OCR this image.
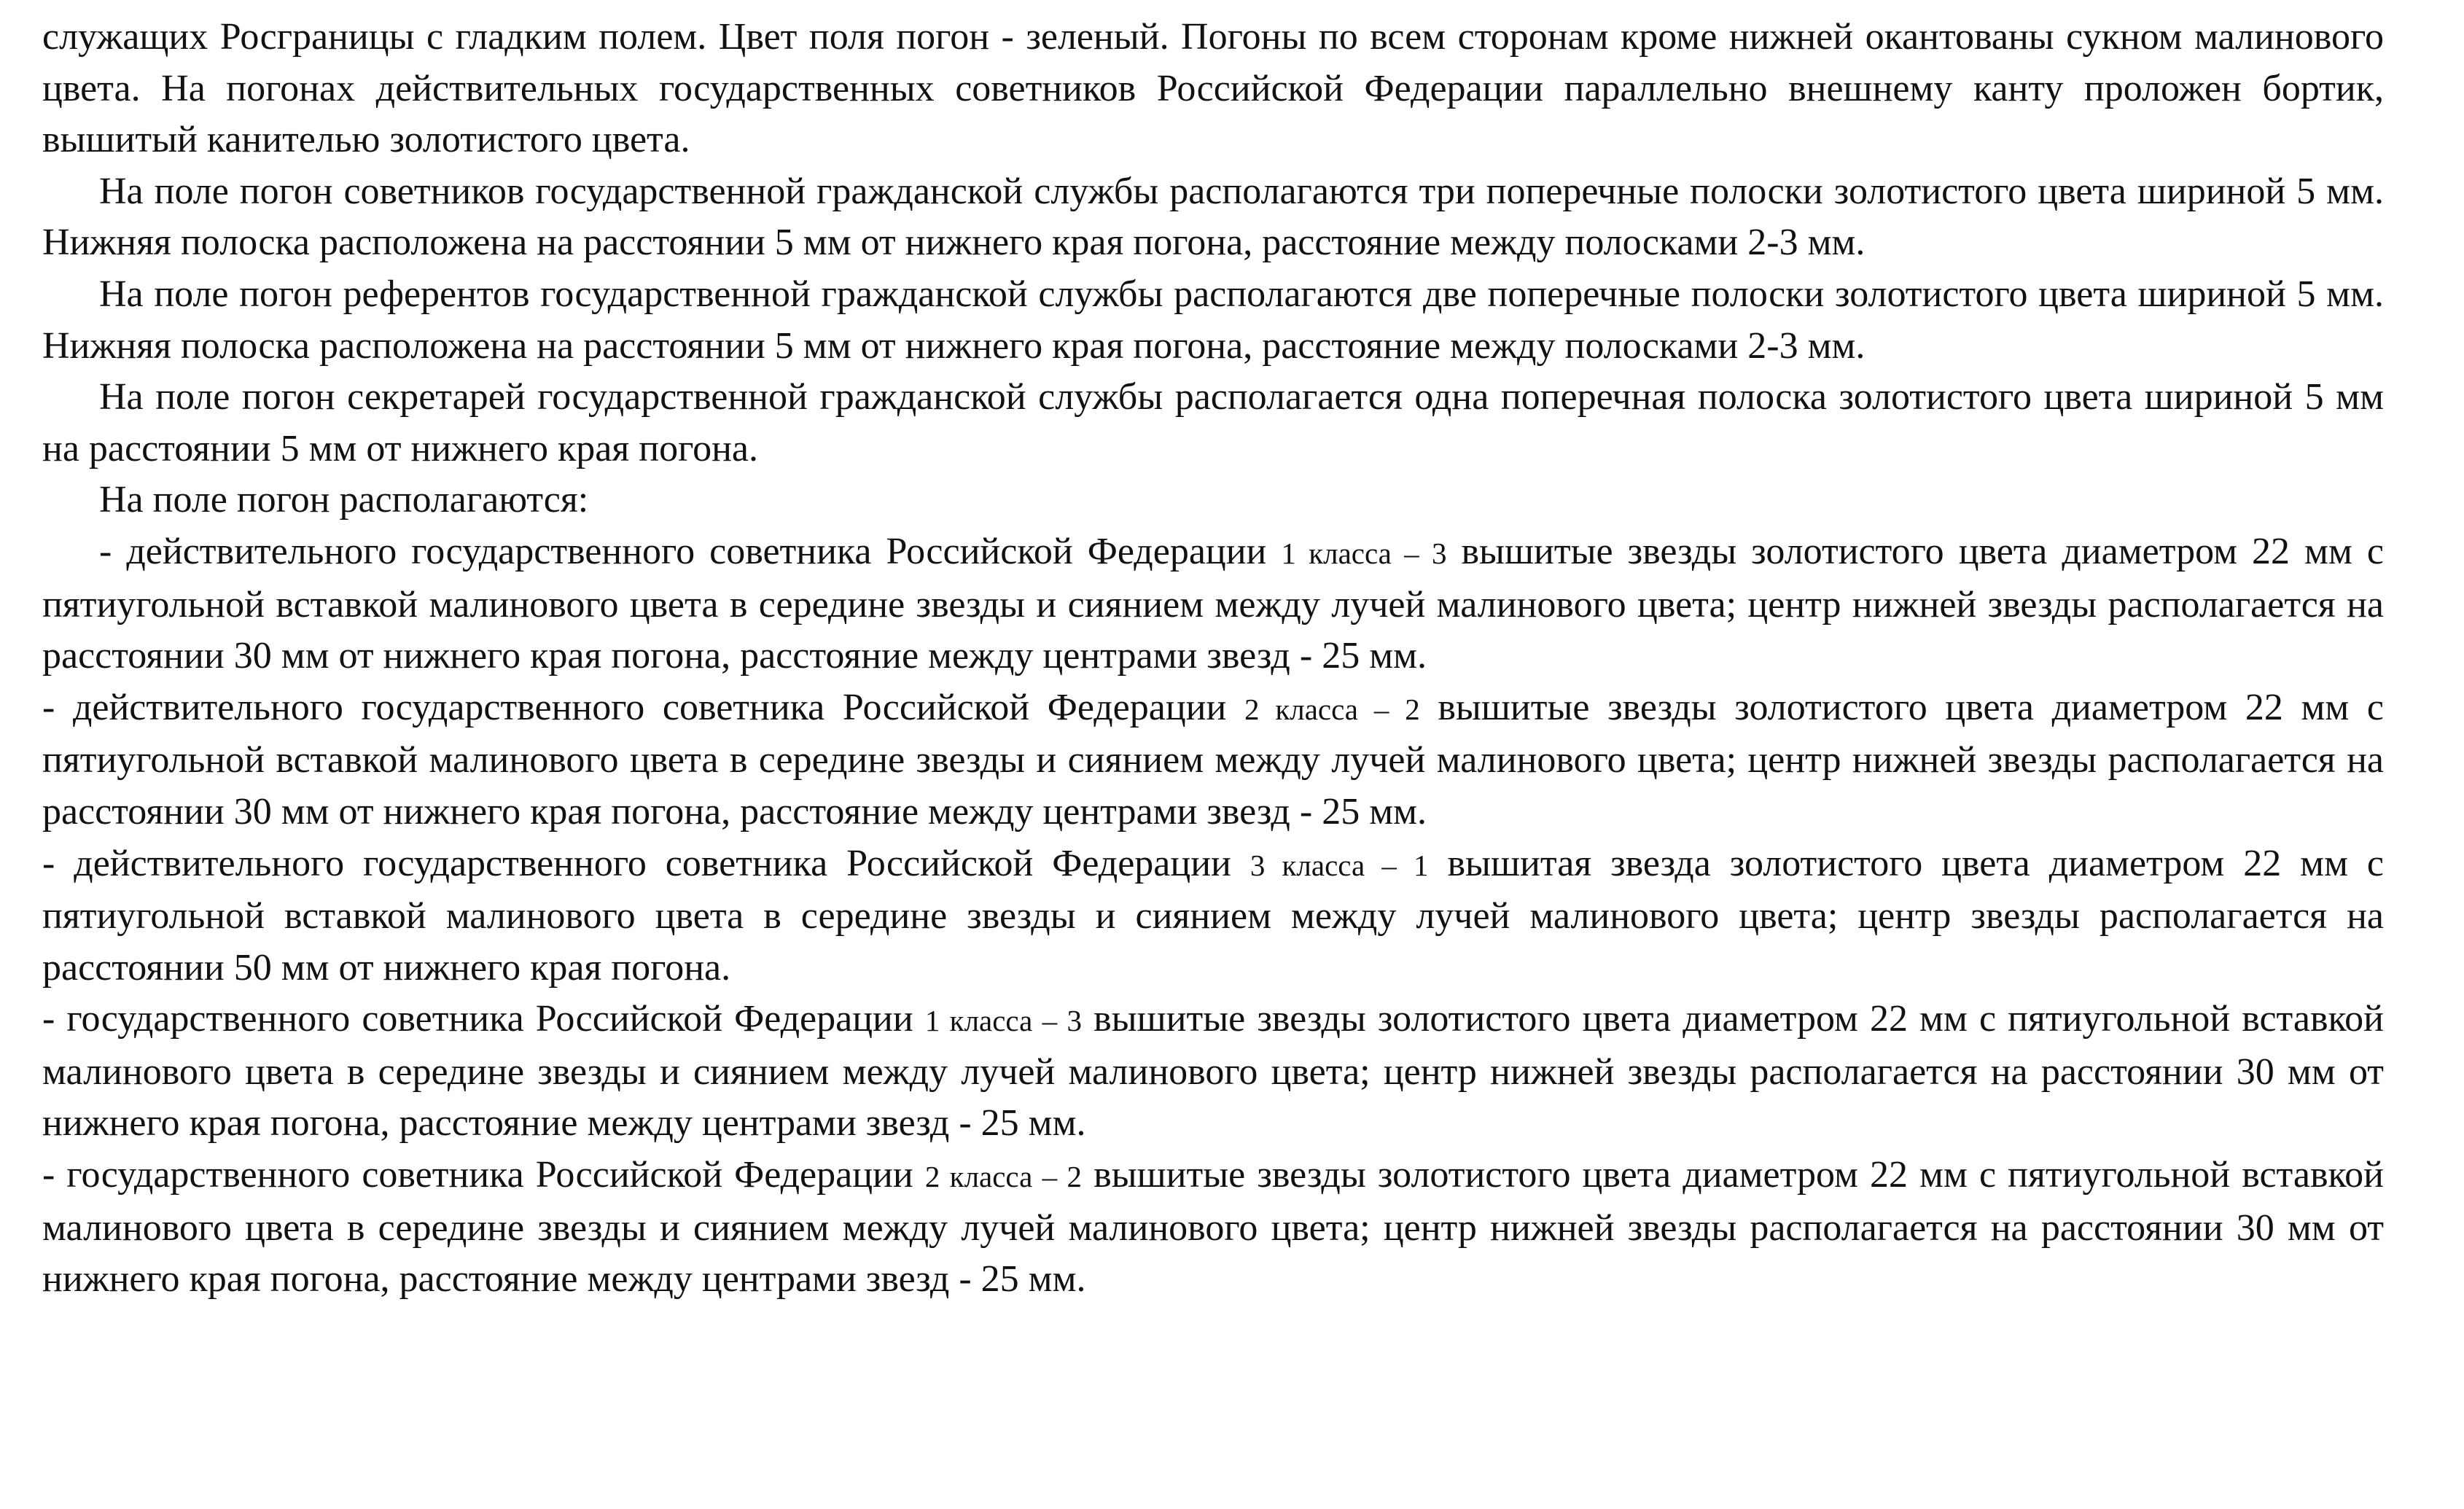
служащих Росграницы с гладким полем. Цвет поля погон - зеленый. Погоны по всем сторонам кроме нижней окантованы сукном малинового цвета. На погонах действительных государственных советников Российской Федерации параллельно внешнему канту проложен бортик, вышитый канителью золотистого цвета.

На поле погон советников государственной гражданской службы располагаются три поперечные полоски золотистого цвета шириной 5 мм. Нижняя полоска расположена на расстоянии 5 мм от нижнего края погона, расстояние между полосками 2-3 мм.

На поле погон референтов государственной гражданской службы располагаются две поперечные полоски золотистого цвета шириной 5 мм. Нижняя полоска расположена на расстоянии 5 мм от нижнего края погона, расстояние между полосками 2-3 мм.

На поле погон секретарей государственной гражданской службы располагается одна поперечная полоска золотистого цвета шириной 5 мм на расстоянии 5 мм от нижнего края погона.

На поле погон располагаются:

- действительного государственного советника Российской Федерации 1 класса – 3 вышитые звезды золотистого цвета диаметром 22 мм с пятиугольной вставкой малинового цвета в середине звезды и сиянием между лучей малинового цвета; центр нижней звезды располагается на расстоянии 30 мм от нижнего края погона, расстояние между центрами звезд - 25 мм.

- действительного государственного советника Российской Федерации 2 класса – 2 вышитые звезды золотистого цвета диаметром 22 мм с пятиугольной вставкой малинового цвета в середине звезды и сиянием между лучей малинового цвета; центр нижней звезды располагается на расстоянии 30 мм от нижнего края погона, расстояние между центрами звезд - 25 мм.

- действительного государственного советника Российской Федерации 3 класса – 1 вышитая звезда золотистого цвета диаметром 22 мм с пятиугольной вставкой малинового цвета в середине звезды и сиянием между лучей малинового цвета; центр звезды располагается на расстоянии 50 мм от нижнего края погона.

- государственного советника Российской Федерации 1 класса – 3 вышитые звезды золотистого цвета диаметром 22 мм с пятиугольной вставкой малинового цвета в середине звезды и сиянием между лучей малинового цвета; центр нижней звезды располагается на расстоянии 30 мм от нижнего края погона, расстояние между центрами звезд - 25 мм.

- государственного советника Российской Федерации 2 класса – 2 вышитые звезды золотистого цвета диаметром 22 мм с пятиугольной вставкой малинового цвета в середине звезды и сиянием между лучей малинового цвета; центр нижней звезды располагается на расстоянии 30 мм от нижнего края погона, расстояние между центрами звезд - 25 мм.
